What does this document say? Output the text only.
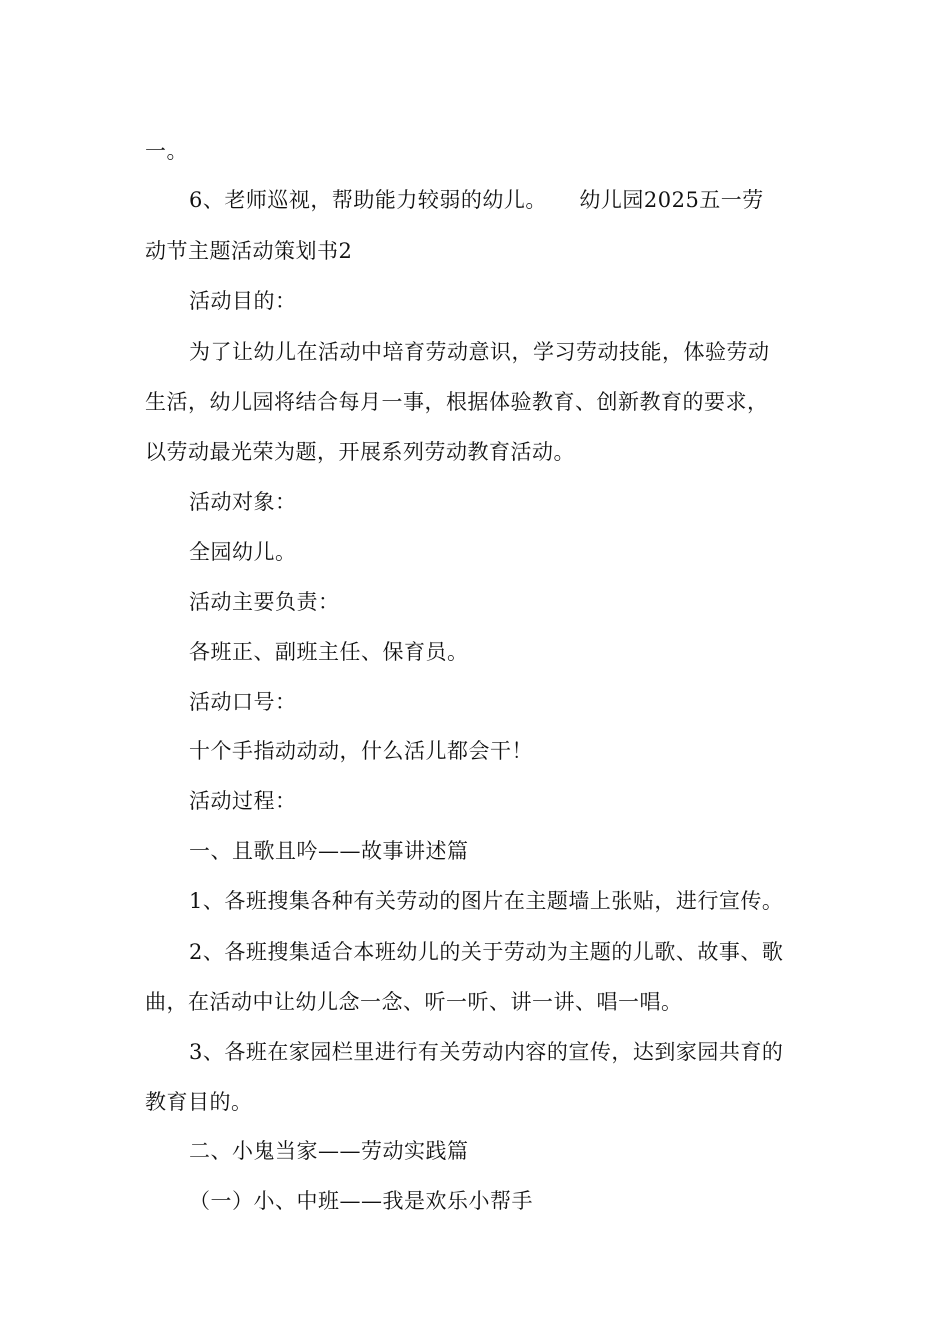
一。
6、老师巡视，帮助能力较弱的幼儿。　　幼儿园2025五一劳
动节主题活动策划书2
活动目的：
为了让幼儿在活动中培育劳动意识，学习劳动技能，体验劳动
生活，幼儿园将结合每月一事，根据体验教育、创新教育的要求，
以劳动最光荣为题，开展系列劳动教育活动。
活动对象：
全园幼儿。
活动主要负责：
各班正、副班主任、保育员。
活动口号：
十个手指动动动，什么活儿都会干！
活动过程：
一、且歌且吟——故事讲述篇
1、各班搜集各种有关劳动的图片在主题墙上张贴，进行宣传。
2、各班搜集适合本班幼儿的关于劳动为主题的儿歌、故事、歌
曲，在活动中让幼儿念一念、听一听、讲一讲、唱一唱。
3、各班在家园栏里进行有关劳动内容的宣传，达到家园共育的
教育目的。
二、小鬼当家——劳动实践篇
（一）小、中班——我是欢乐小帮手
